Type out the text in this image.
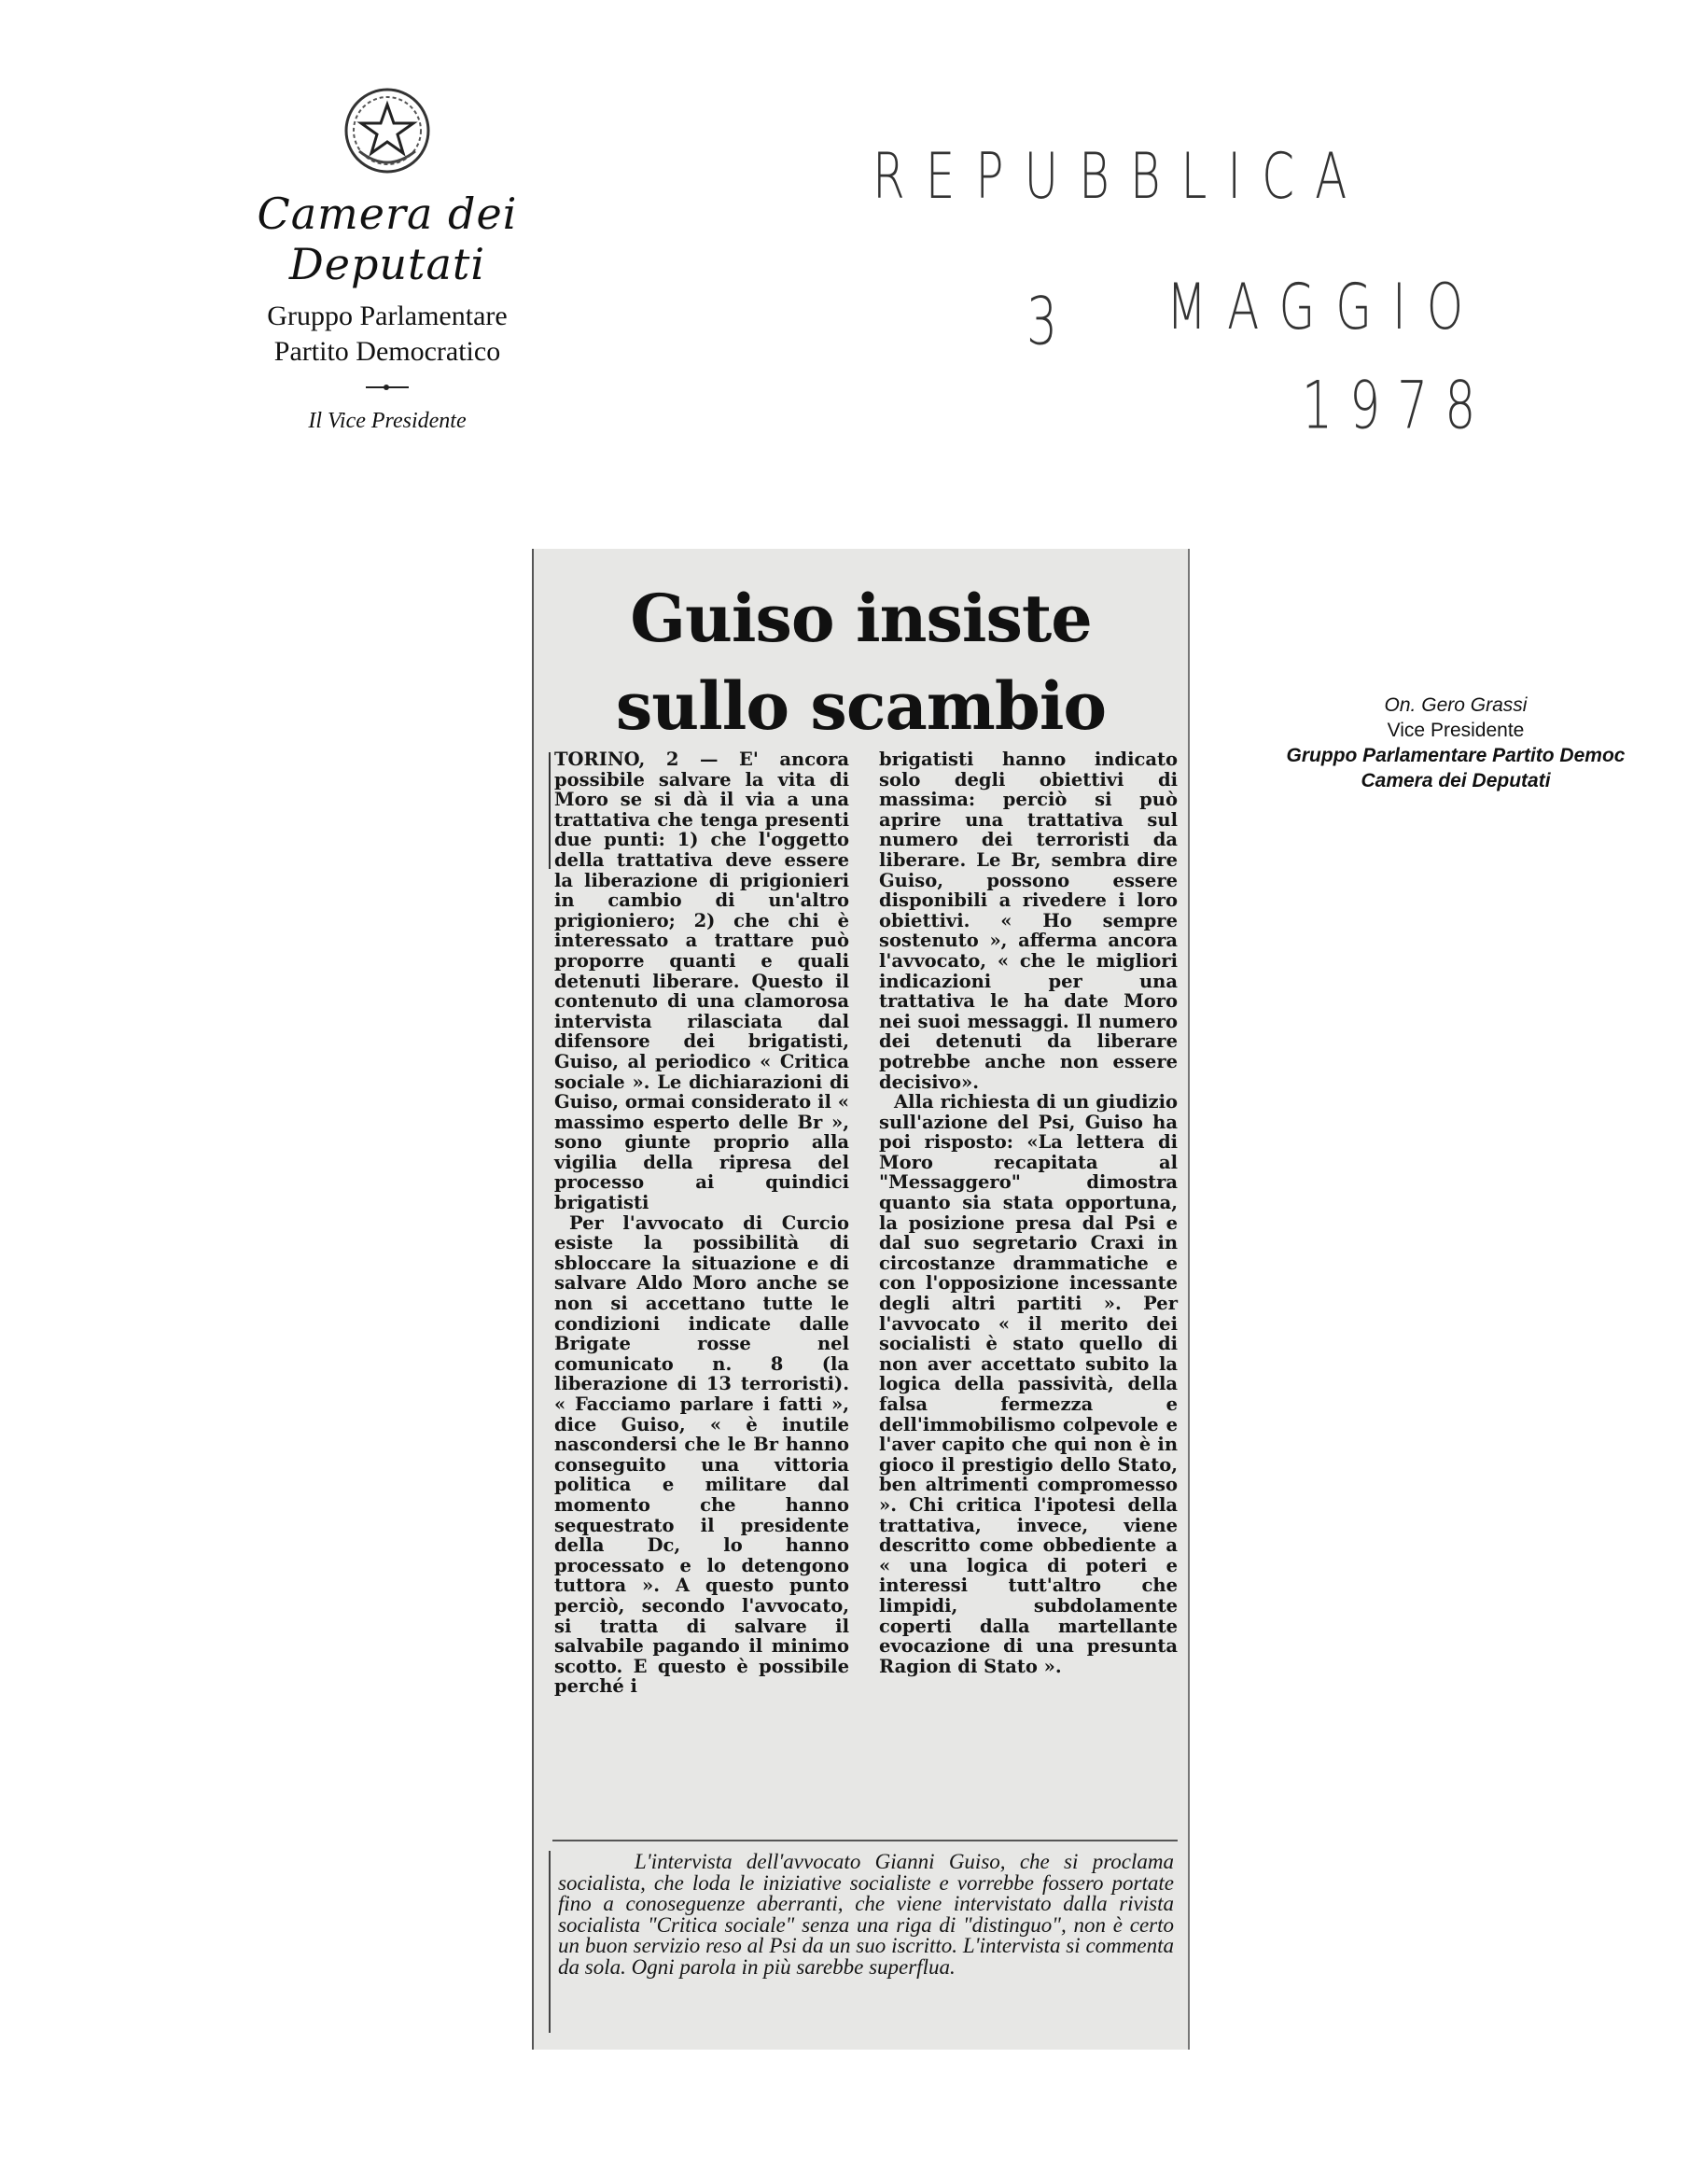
Camera dei Deputati
Gruppo Parlamentare
Partito Democratico
Il Vice Presidente
REPUBBLICA
3 MAGGIO
1978
On. Gero Grassi
Vice Presidente
Gruppo Parlamentare Partito Democ
Camera dei Deputati
Guiso insiste
sullo scambio

TORINO, 2 — E' ancora possibile salvare la vita di Moro se si dà il via a una trattativa che tenga presenti due punti: 1) che l'oggetto della trattativa deve essere la liberazione di prigionieri in cambio di un'altro prigioniero; 2) che chi è interessato a trattare può proporre quanti e quali detenuti liberare. Questo il contenuto di una clamorosa intervista rilasciata dal difensore dei brigatisti, Guiso, al periodico « Critica sociale ». Le dichiarazioni di Guiso, ormai considerato il « massimo esperto delle Br », sono giunte proprio alla vigilia della ripresa del processo ai quindici brigatisti

Per l'avvocato di Curcio esiste la possibilità di sbloccare la situazione e di salvare Aldo Moro anche se non si accettano tutte le condizioni indicate dalle Brigate rosse nel comunicato n. 8 (la liberazione di 13 terroristi). « Facciamo parlare i fatti », dice Guiso, « è inutile nascondersi che le Br hanno conseguito una vittoria politica e militare dal momento che hanno sequestrato il presidente della Dc, lo hanno processato e lo detengono tuttora ». A questo punto perciò, secondo l'avvocato, si tratta di salvare il salvabile pagando il minimo scotto. E questo è possibile perché i

brigatisti hanno indicato solo degli obiettivi di massima: perciò si può aprire una trattativa sul numero dei terroristi da liberare. Le Br, sembra dire Guiso, possono essere disponibili a rivedere i loro obiettivi. « Ho sempre sostenuto », afferma ancora l'avvocato, « che le migliori indicazioni per una trattativa le ha date Moro nei suoi messaggi. Il numero dei detenuti da liberare potrebbe anche non essere decisivo».

Alla richiesta di un giudizio sull'azione del Psi, Guiso ha poi risposto: «La lettera di Moro recapitata al "Messaggero" dimostra quanto sia stata opportuna, la posizione presa dal Psi e dal suo segretario Craxi in circostanze drammatiche e con l'opposizione incessante degli altri partiti ». Per l'avvocato « il merito dei socialisti è stato quello di non aver accettato subito la logica della passività, della falsa fermezza e dell'immobilismo colpevole e l'aver capito che qui non è in gioco il prestigio dello Stato, ben altrimenti compromesso ». Chi critica l'ipotesi della trattativa, invece, viene descritto come obbediente a « una logica di poteri e interessi tutt'altro che limpidi, subdolamente coperti dalla martellante evocazione di una presunta Ragion di Stato ».

L'intervista dell'avvocato Gianni Guiso, che si proclama socialista, che loda le iniziative socialiste e vorrebbe fossero portate fino a conoseguenze aberranti, che viene intervistato dalla rivista socialista "Critica sociale" senza una riga di "distinguo", non è certo un buon servizio reso al Psi da un suo iscritto. L'intervista si commenta da sola. Ogni parola in più sarebbe superflua.
